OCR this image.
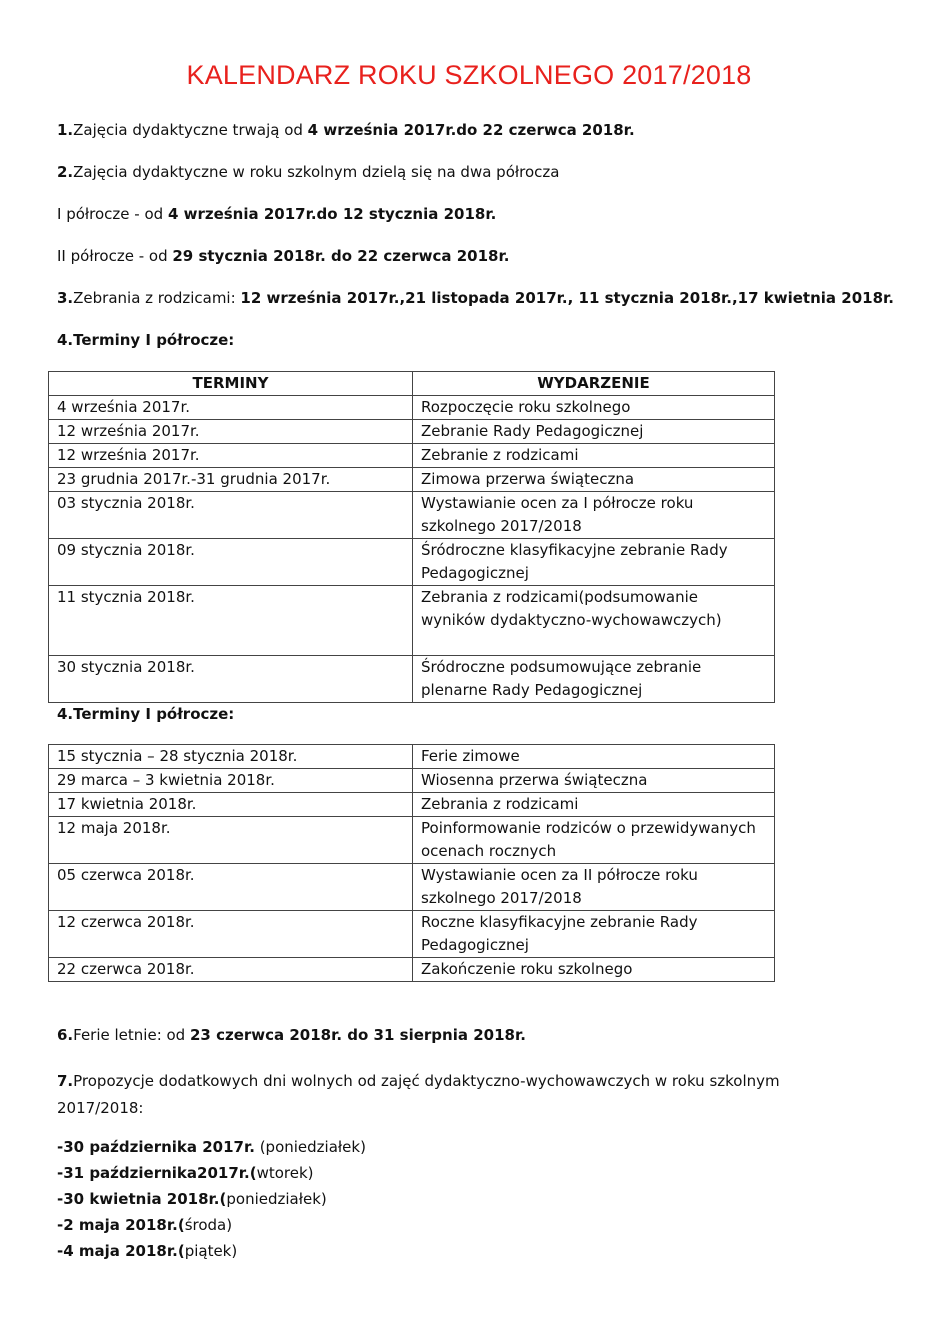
KALENDARZ ROKU SZKOLNEGO 2017/2018
1.Zajęcia dydaktyczne trwają od 4 września 2017r.do 22 czerwca 2018r.
2.Zajęcia dydaktyczne w roku szkolnym dzielą się na dwa półrocza
I półrocze - od 4 września 2017r.do 12 stycznia 2018r.
II półrocze - od 29 stycznia 2018r. do 22 czerwca 2018r.
3.Zebrania z rodzicami: 12 września 2017r.,21 listopada 2017r., 11 stycznia 2018r.,17 kwietnia 2018r.
4.Terminy I półrocze:
TERMINY	WYDARZENIE
4 września 2017r.	Rozpoczęcie roku szkolnego
12 września 2017r.	Zebranie Rady Pedagogicznej
12 września 2017r.	Zebranie z rodzicami
23 grudnia 2017r.-31 grudnia 2017r.	Zimowa przerwa świąteczna
03 stycznia 2018r.	Wystawianie ocen za I półrocze roku szkolnego 2017/2018
09 stycznia 2018r.	Śródroczne klasyfikacyjne zebranie Rady Pedagogicznej
11 stycznia 2018r.	Zebrania z rodzicami(podsumowanie wyników dydaktyczno-wychowawczych)
30 stycznia 2018r.	Śródroczne podsumowujące zebranie plenarne Rady Pedagogicznej
4.Terminy I półrocze:
15 stycznia – 28 stycznia 2018r.	Ferie zimowe
29 marca – 3 kwietnia 2018r.	Wiosenna przerwa świąteczna
17 kwietnia 2018r.	Zebrania z rodzicami
12 maja 2018r.	Poinformowanie rodziców o przewidywanych ocenach rocznych
05 czerwca 2018r.	Wystawianie ocen za II półrocze roku szkolnego 2017/2018
12 czerwca 2018r.	Roczne klasyfikacyjne zebranie Rady Pedagogicznej
22 czerwca 2018r.	Zakończenie roku szkolnego
6.Ferie letnie: od 23 czerwca 2018r. do 31 sierpnia 2018r.
7.Propozycje dodatkowych dni wolnych od zajęć dydaktyczno-wychowawczych w roku szkolnym
2017/2018:
-30 października 2017r. (poniedziałek)
-31 października2017r.(wtorek)
-30 kwietnia 2018r.(poniedziałek)
-2 maja 2018r.(środa)
-4 maja 2018r.(piątek)
